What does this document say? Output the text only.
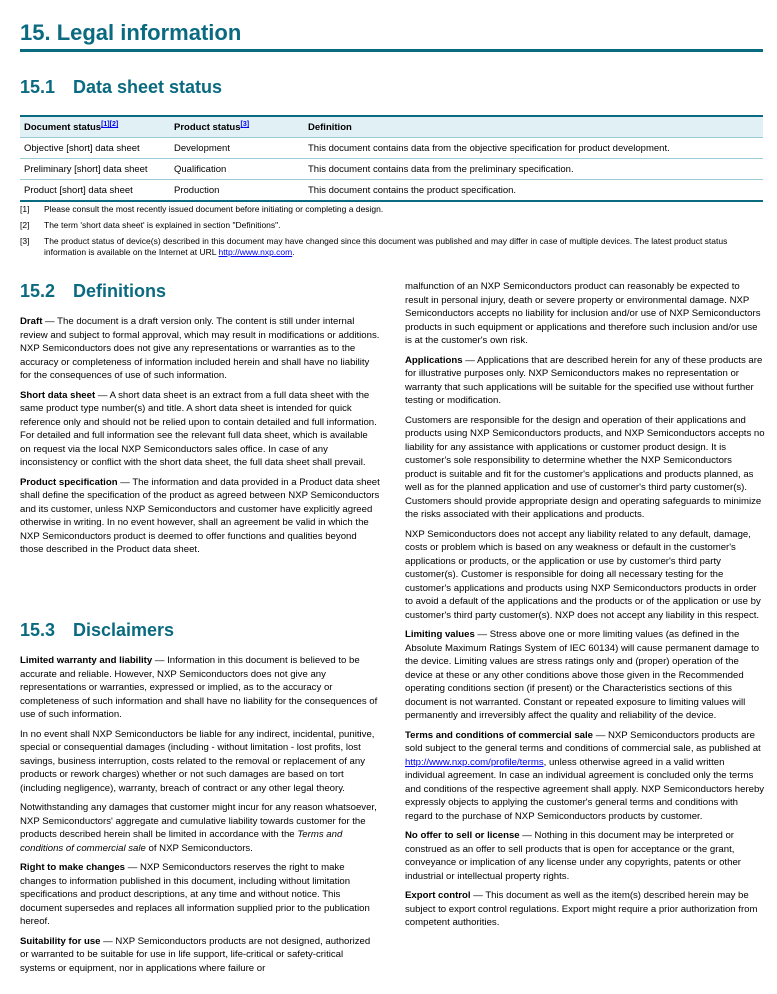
15. Legal information
15.1 Data sheet status
Document status[1][2]	Product status[3]	Definition
Objective [short] data sheet	Development	This document contains data from the objective specification for product development.
Preliminary [short] data sheet	Qualification	This document contains data from the preliminary specification.
Product [short] data sheet	Production	This document contains the product specification.
[1]	Please consult the most recently issued document before initiating or completing a design.
[2]	The term 'short data sheet' is explained in section "Definitions".
[3]	The product status of device(s) described in this document may have changed since this document was published and may differ in case of multiple devices. The latest product status information is available on the Internet at URL http://www.nxp.com.
15.2 Definitions

Draft — The document is a draft version only. The content is still under internal review and subject to formal approval, which may result in modifications or additions. NXP Semiconductors does not give any representations or warranties as to the accuracy or completeness of information included herein and shall have no liability for the consequences of use of such information.

Short data sheet — A short data sheet is an extract from a full data sheet with the same product type number(s) and title. A short data sheet is intended for quick reference only and should not be relied upon to contain detailed and full information. For detailed and full information see the relevant full data sheet, which is available on request via the local NXP Semiconductors sales office. In case of any inconsistency or conflict with the short data sheet, the full data sheet shall prevail.

Product specification — The information and data provided in a Product data sheet shall define the specification of the product as agreed between NXP Semiconductors and its customer, unless NXP Semiconductors and customer have explicitly agreed otherwise in writing. In no event however, shall an agreement be valid in which the NXP Semiconductors product is deemed to offer functions and qualities beyond those described in the Product data sheet.

15.3 Disclaimers

Limited warranty and liability — Information in this document is believed to be accurate and reliable. However, NXP Semiconductors does not give any representations or warranties, expressed or implied, as to the accuracy or completeness of such information and shall have no liability for the consequences of use of such information.

In no event shall NXP Semiconductors be liable for any indirect, incidental, punitive, special or consequential damages (including - without limitation - lost profits, lost savings, business interruption, costs related to the removal or replacement of any products or rework charges) whether or not such damages are based on tort (including negligence), warranty, breach of contract or any other legal theory.

Notwithstanding any damages that customer might incur for any reason whatsoever, NXP Semiconductors' aggregate and cumulative liability towards customer for the products described herein shall be limited in accordance with the Terms and conditions of commercial sale of NXP Semiconductors.

Right to make changes — NXP Semiconductors reserves the right to make changes to information published in this document, including without limitation specifications and product descriptions, at any time and without notice. This document supersedes and replaces all information supplied prior to the publication hereof.

Suitability for use — NXP Semiconductors products are not designed, authorized or warranted to be suitable for use in life support, life-critical or safety-critical systems or equipment, nor in applications where failure or

malfunction of an NXP Semiconductors product can reasonably be expected to result in personal injury, death or severe property or environmental damage. NXP Semiconductors accepts no liability for inclusion and/or use of NXP Semiconductors products in such equipment or applications and therefore such inclusion and/or use is at the customer's own risk.

Applications — Applications that are described herein for any of these products are for illustrative purposes only. NXP Semiconductors makes no representation or warranty that such applications will be suitable for the specified use without further testing or modification.

Customers are responsible for the design and operation of their applications and products using NXP Semiconductors products, and NXP Semiconductors accepts no liability for any assistance with applications or customer product design. It is customer's sole responsibility to determine whether the NXP Semiconductors product is suitable and fit for the customer's applications and products planned, as well as for the planned application and use of customer's third party customer(s). Customers should provide appropriate design and operating safeguards to minimize the risks associated with their applications and products.

NXP Semiconductors does not accept any liability related to any default, damage, costs or problem which is based on any weakness or default in the customer's applications or products, or the application or use by customer's third party customer(s). Customer is responsible for doing all necessary testing for the customer's applications and products using NXP Semiconductors products in order to avoid a default of the applications and the products or of the application or use by customer's third party customer(s). NXP does not accept any liability in this respect.

Limiting values — Stress above one or more limiting values (as defined in the Absolute Maximum Ratings System of IEC 60134) will cause permanent damage to the device. Limiting values are stress ratings only and (proper) operation of the device at these or any other conditions above those given in the Recommended operating conditions section (if present) or the Characteristics sections of this document is not warranted. Constant or repeated exposure to limiting values will permanently and irreversibly affect the quality and reliability of the device.

Terms and conditions of commercial sale — NXP Semiconductors products are sold subject to the general terms and conditions of commercial sale, as published at http://www.nxp.com/profile/terms, unless otherwise agreed in a valid written individual agreement. In case an individual agreement is concluded only the terms and conditions of the respective agreement shall apply. NXP Semiconductors hereby expressly objects to applying the customer's general terms and conditions with regard to the purchase of NXP Semiconductors products by customer.

No offer to sell or license — Nothing in this document may be interpreted or construed as an offer to sell products that is open for acceptance or the grant, conveyance or implication of any license under any copyrights, patents or other industrial or intellectual property rights.

Export control — This document as well as the item(s) described herein may be subject to export control regulations. Export might require a prior authorization from competent authorities.
